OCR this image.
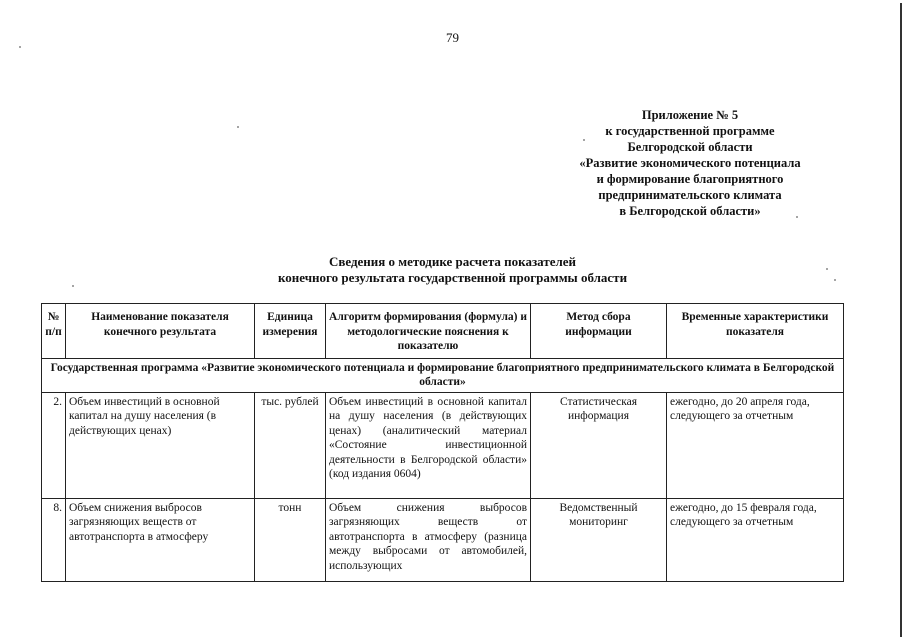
79
Приложение № 5
к государственной программе
Белгородской области
«Развитие экономического потенциала
и формирование благоприятного
предпринимательского климата
в Белгородской области»
Сведения о методике расчета показателей
конечного результата государственной программы области
№ п/п	Наименование показателя конечного результата	Единица измерения	Алгоритм формирования (формула) и методологические пояснения к показателю	Метод сбора информации	Временные характеристики показателя
Государственная программа «Развитие экономического потенциала и формирование благоприятного предпринимательского климата в Белгородской области»					
2.	Объем инвестиций в основной капитал на душу населения (в действующих ценах)	тыс. рублей	Объем инвестиций в основной капитал на душу населения (в действующих ценах) (аналитический материал «Состояние инвестиционной деятельности в Белгородской области» (код издания 0604)	Статистическая информация	ежегодно, до 20 апреля года, следующего за отчетным
8.	Объем снижения выбросов загрязняющих веществ от автотранспорта в атмосферу	тонн	Объем снижения выбросов загрязняющих веществ от автотранспорта в атмосферу (разница между выбросами от автомобилей, использующих	Ведомственный мониторинг	ежегодно, до 15 февраля года, следующего за отчетным
